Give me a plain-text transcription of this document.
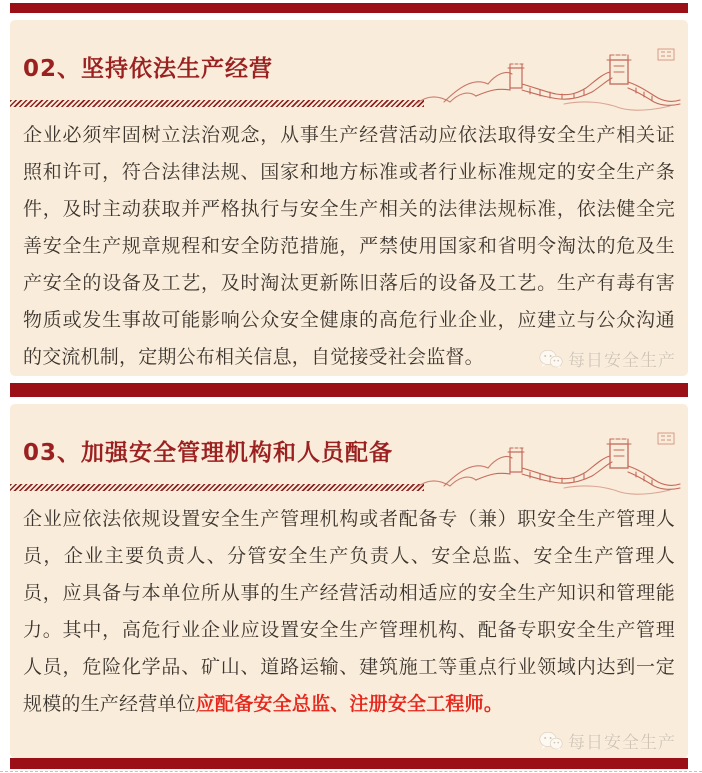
02、坚持依法生产经营

企业必须牢固树立法治观念，从事生产经营活动应依法取得安全生产相关证照和许可，符合法律法规、国家和地方标准或者行业标准规定的安全生产条件，及时主动获取并严格执行与安全生产相关的法律法规标准，依法健全完善安全生产规章规程和安全防范措施，严禁使用国家和省明令淘汰的危及生产安全的设备及工艺，及时淘汰更新陈旧落后的设备及工艺。生产有毒有害物质或发生事故可能影响公众安全健康的高危行业企业，应建立与公众沟通的交流机制，定期公布相关信息，自觉接受社会监督。	每日安全生产
03、加强安全管理机构和人员配备

企业应依法依规设置安全生产管理机构或者配备专（兼）职安全生产管理人员，企业主要负责人、分管安全生产负责人、安全总监、安全生产管理人员，应具备与本单位所从事的生产经营活动相适应的安全生产知识和管理能力。其中，高危行业企业应设置安全生产管理机构、配备专职安全生产管理人员，危险化学品、矿山、道路运输、建筑施工等重点行业领域内达到一定规模的生产经营单位应配备安全总监、注册安全工程师。

每日安全生产
